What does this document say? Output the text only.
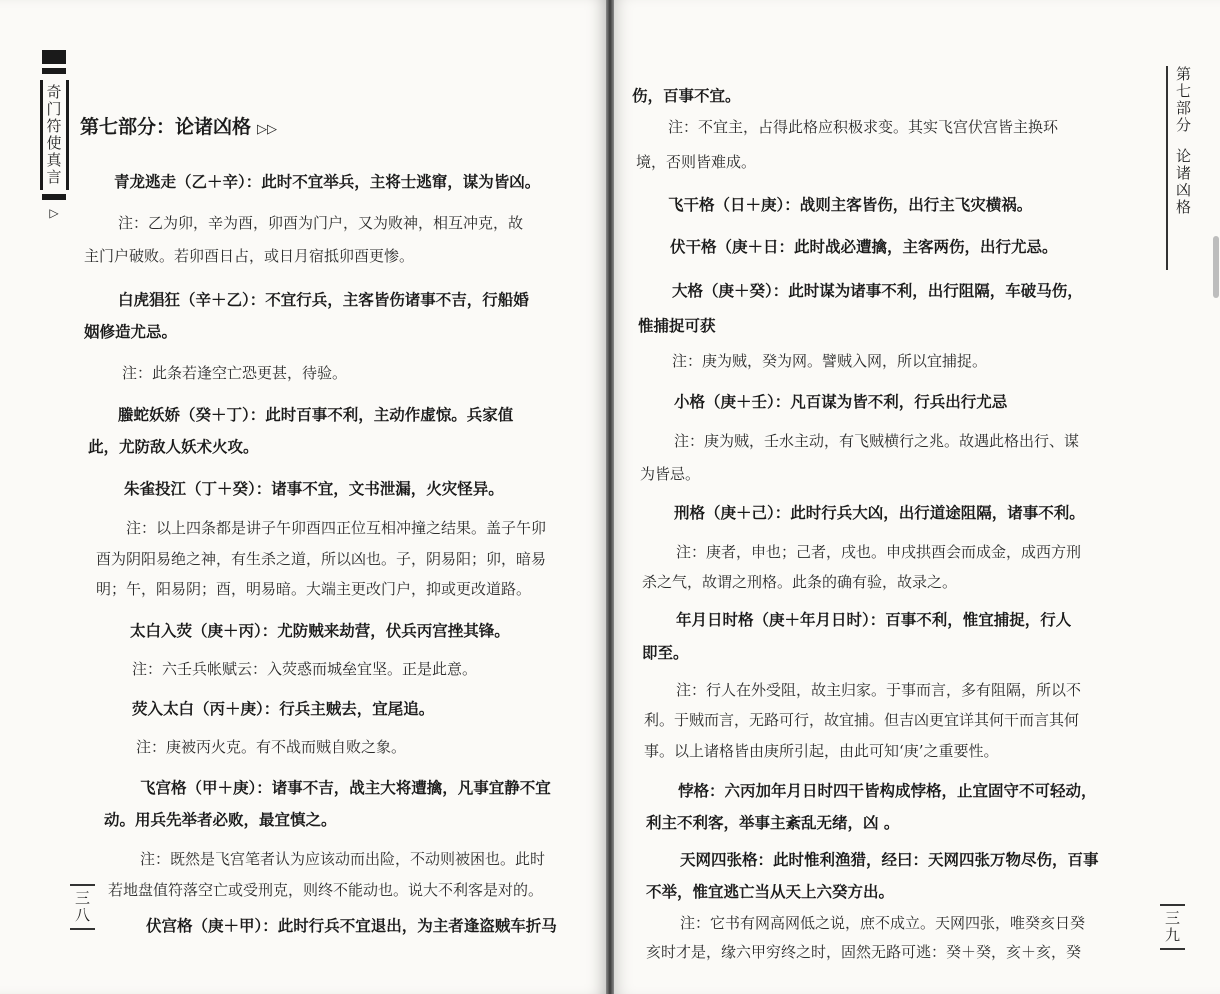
奇门符使真言
▷
第七部分
论诸凶格
第七部分：论诸凶格 ▷▷
青龙逃走（乙＋辛）：此时不宜举兵，主将士逃窜，谋为皆凶。
注：乙为卯，辛为酉，卯酉为门户，又为败神，相互冲克，故
主门户破败。若卯酉日占，或日月宿抵卯酉更惨。
白虎猖狂（辛＋乙）：不宜行兵，主客皆伤诸事不吉，行船婚
姻修造尤忌。
注：此条若逢空亡恐更甚，待验。
螣蛇妖娇（癸＋丁）：此时百事不利，主动作虚惊。兵家值
此，尤防敌人妖术火攻。
朱雀投江（丁＋癸）：诸事不宜，文书泄漏，火灾怪异。
注：以上四条都是讲子午卯酉四正位互相冲撞之结果。盖子午卯
酉为阴阳易绝之神，有生杀之道，所以凶也。子，阴易阳；卯，暗易
明；午，阳易阴；酉，明易暗。大端主更改门户，抑或更改道路。
太白入荧（庚＋丙）：尤防贼来劫营，伏兵丙宫挫其锋。
注：六壬兵帐赋云：入荧惑而城垒宜坚。正是此意。
荧入太白（丙＋庚）：行兵主贼去，宜尾追。
注：庚被丙火克。有不战而贼自败之象。
飞宫格（甲＋庚）：诸事不吉，战主大将遭擒，凡事宜静不宜
动。用兵先举者必败，最宜慎之。
注：既然是飞宫笔者认为应该动而出险，不动则被困也。此时
若地盘值符落空亡或受刑克，则终不能动也。说大不利客是对的。
伏宫格（庚＋甲）：此时行兵不宜退出，为主者逢盗贼车折马
伤，百事不宜。
注：不宜主，占得此格应积极求变。其实飞宫伏宫皆主换环
境，否则皆难成。
飞干格（日＋庚）：战则主客皆伤，出行主飞灾横祸。
伏干格（庚＋日：此时战必遭擒，主客两伤，出行尤忌。
大格（庚＋癸）：此时谋为诸事不利，出行阻隔，车破马伤，
惟捕捉可获
注：庚为贼，癸为网。譬贼入网，所以宜捕捉。
小格（庚＋壬）：凡百谋为皆不利，行兵出行尤忌
注：庚为贼，壬水主动，有飞贼横行之兆。故遇此格出行、谋
为皆忌。
刑格（庚＋己）：此时行兵大凶，出行道途阻隔，诸事不利。
注：庚者，申也；己者，戌也。申戌拱酉会而成金，成西方刑
杀之气，故谓之刑格。此条的确有验，故录之。
年月日时格（庚＋年月日时）：百事不利，惟宜捕捉，行人
即至。
注：行人在外受阻，故主归家。于事而言，多有阻隔，所以不
利。于贼而言，无路可行，故宜捕。但吉凶更宜详其何干而言其何
事。以上诸格皆由庚所引起，由此可知‘庚’之重要性。
悖格：六丙加年月日时四干皆构成悖格，止宜固守不可轻动，
利主不利客，举事主紊乱无绪，凶 。
天网四张格：此时惟利渔猎，经曰：天网四张万物尽伤，百事
不举，惟宜逃亡当从天上六癸方出。
注：它书有网高网低之说，庶不成立。天网四张，唯癸亥日癸
亥时才是，缘六甲穷终之时，固然无路可逃：癸＋癸，亥＋亥，癸
三八
三九
